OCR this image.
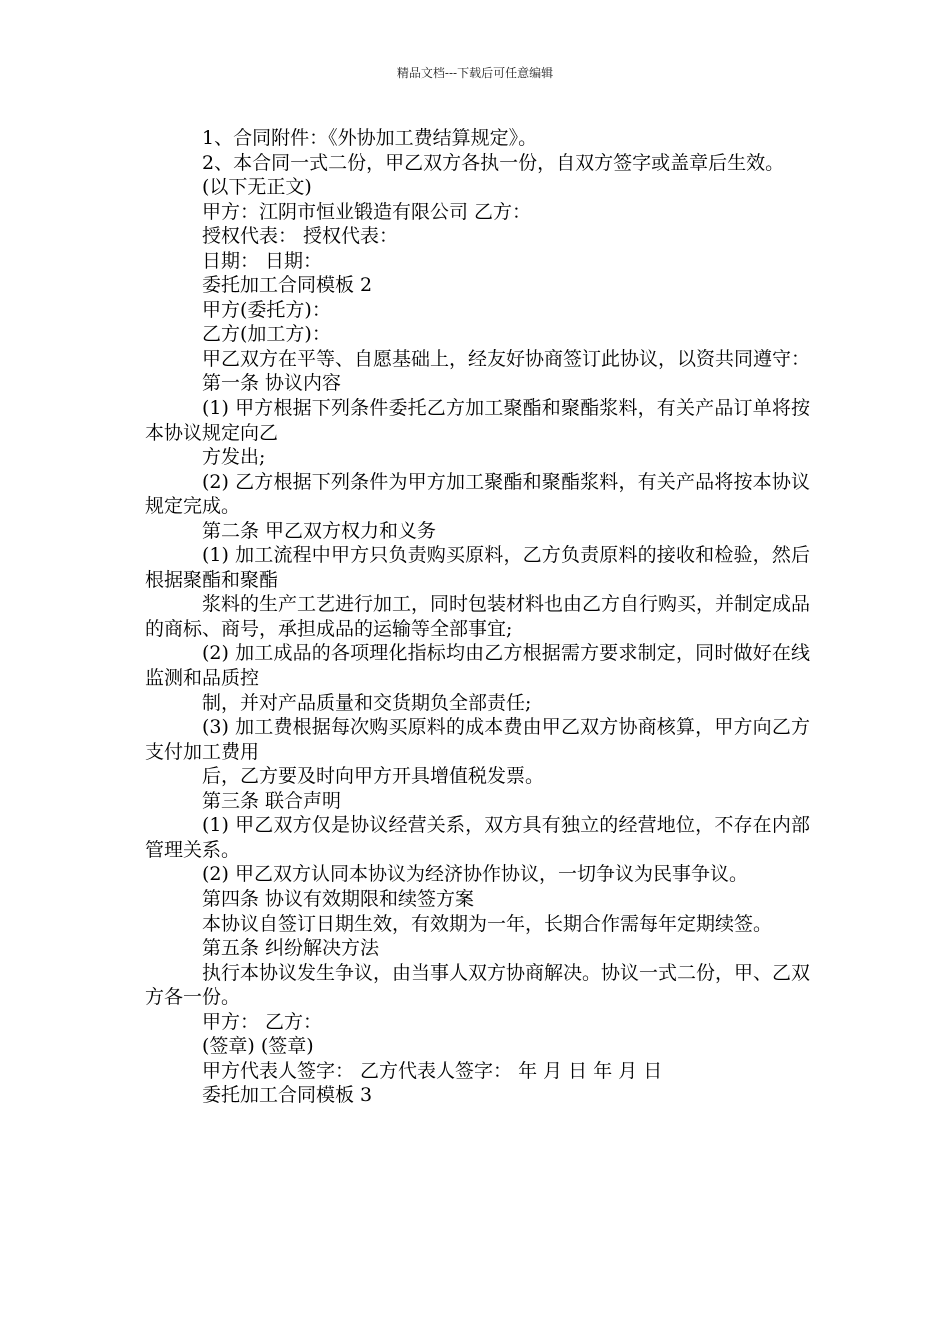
精品文档---下载后可任意编辑

1、合同附件：《外协加工费结算规定》。

2、本合同一式二份，甲乙双方各执一份，自双方签字或盖章后生效。

(以下无正文)

甲方：江阴市恒业锻造有限公司 乙方：

授权代表： 授权代表：

日期： 日期：

委托加工合同模板 2

甲方(委托方)：

乙方(加工方)：

甲乙双方在平等、自愿基础上，经友好协商签订此协议，以资共同遵守：

第一条 协议内容

(1) 甲方根据下列条件委托乙方加工聚酯和聚酯浆料，有关产品订单将按本协议规定向乙

方发出;

(2) 乙方根据下列条件为甲方加工聚酯和聚酯浆料，有关产品将按本协议规定完成。

第二条 甲乙双方权力和义务

(1) 加工流程中甲方只负责购买原料，乙方负责原料的接收和检验，然后根据聚酯和聚酯

浆料的生产工艺进行加工，同时包装材料也由乙方自行购买，并制定成品的商标、商号，承担成品的运输等全部事宜;

(2) 加工成品的各项理化指标均由乙方根据需方要求制定，同时做好在线监测和品质控

制，并对产品质量和交货期负全部责任;

(3) 加工费根据每次购买原料的成本费由甲乙双方协商核算，甲方向乙方支付加工费用

后，乙方要及时向甲方开具增值税发票。

第三条 联合声明

(1) 甲乙双方仅是协议经营关系，双方具有独立的经营地位，不存在内部管理关系。

(2) 甲乙双方认同本协议为经济协作协议，一切争议为民事争议。

第四条 协议有效期限和续签方案

本协议自签订日期生效，有效期为一年，长期合作需每年定期续签。

第五条 纠纷解决方法

执行本协议发生争议，由当事人双方协商解决。协议一式二份，甲、乙双方各一份。

甲方： 乙方：

(签章) (签章)

甲方代表人签字： 乙方代表人签字： 年 月 日 年 月 日

委托加工合同模板 3
